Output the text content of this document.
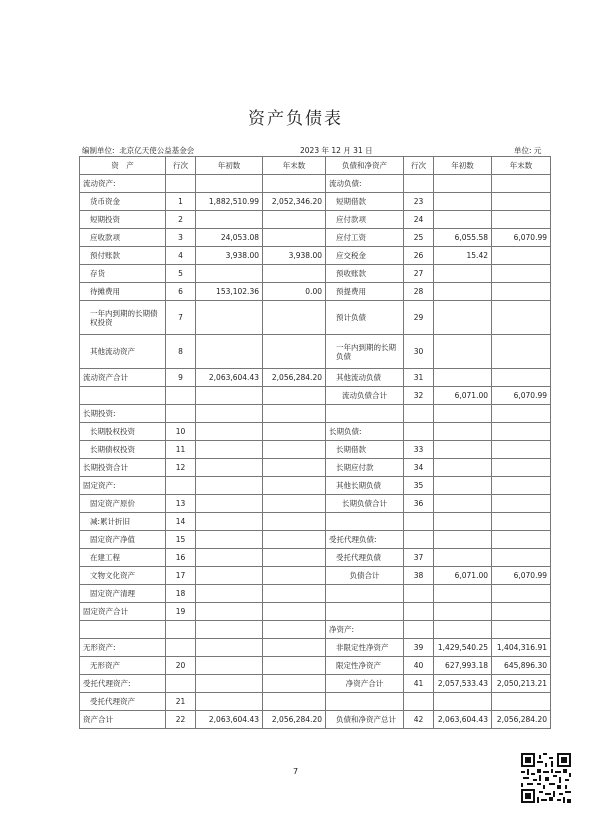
资产负债表
编制单位: 北京亿天使公益基金会	2023 年 12 月 31 日	单位: 元
资　产	行次	年初数	年末数	负债和净资产	行次	年初数	年末数
流动资产:				流动负债:			
货币资金	1	1,882,510.99	2,052,346.20	短期借款	23		
短期投资	2			应付款项	24		
应收款项	3	24,053.08		应付工资	25	6,055.58	6,070.99
预付账款	4	3,938.00	3,938.00	应交税金	26	15.42	
存货	5			预收账款	27		
待摊费用	6	153,102.36	0.00	预提费用	28		
一年内到期的长期债权投资	7			预计负债	29		
其他流动资产	8			一年内到期的长期负债	30		
流动资产合计	9	2,063,604.43	2,056,284.20	其他流动负债	31		
				流动负债合计	32	6,071.00	6,070.99
长期投资:							
长期股权投资	10			长期负债:			
长期债权投资	11			长期借款	33		
长期投资合计	12			长期应付款	34		
固定资产:				其他长期负债	35		
固定资产原价	13			长期负债合计	36		
减:累计折旧	14						
固定资产净值	15			受托代理负债:			
在建工程	16			受托代理负债	37		
文物文化资产	17			负债合计	38	6,071.00	6,070.99
固定资产清理	18						
固定资产合计	19						
				净资产:			
无形资产:				非限定性净资产	39	1,429,540.25	1,404,316.91
无形资产	20			限定性净资产	40	627,993.18	645,896.30
受托代理资产:				净资产合计	41	2,057,533.43	2,050,213.21
受托代理资产	21						
资产合计	22	2,063,604.43	2,056,284.20	负债和净资产总计	42	2,063,604.43	2,056,284.20
7
